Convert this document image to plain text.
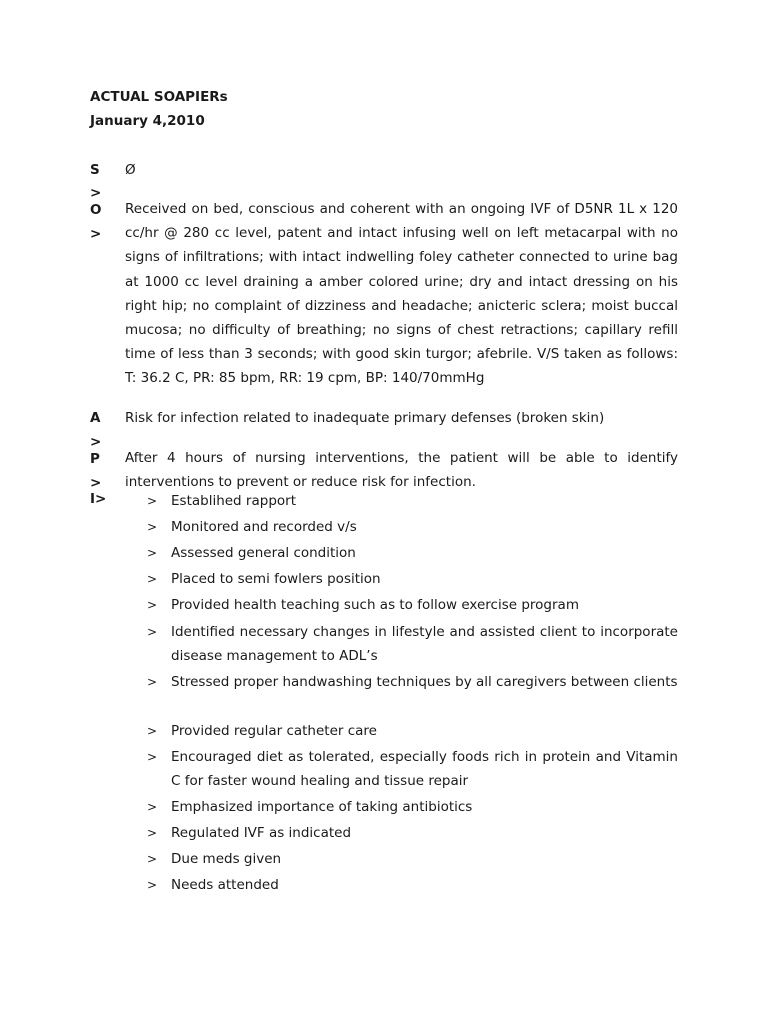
ACTUAL SOAPIERs
January 4,2010
S
>
Ø
O
>
Received on bed, conscious and coherent with an ongoing IVF of D5NR 1L x 120 cc/hr @ 280 cc level, patent and intact infusing well on left metacarpal with no signs of infiltrations; with intact indwelling foley catheter connected to urine bag at 1000 cc level draining a amber colored urine; dry and intact dressing on his right hip; no complaint of dizziness and headache; anicteric sclera; moist buccal mucosa; no difficulty of breathing; no signs of chest retractions; capillary refill time of less than 3 seconds; with good skin turgor; afebrile. V/S taken as follows: T: 36.2 C, PR: 85 bpm, RR: 19 cpm, BP: 140/70mmHg
A
>
Risk for infection related to inadequate primary defenses (broken skin)
P
>
After 4 hours of nursing interventions, the patient will be able to identify interventions to prevent or reduce risk for infection.
I>	>	Establihed rapport
>	Monitored and recorded v/s
>	Assessed general condition
>	Placed to semi fowlers position
>	Provided health teaching such as to follow exercise program
>	Identified necessary changes in lifestyle and assisted client to incorporate disease management to ADL’s
>	Stressed proper handwashing techniques by all caregivers between clients
>	Provided regular catheter care
>	Encouraged diet as tolerated, especially foods rich in protein and Vitamin C for faster wound healing and tissue repair
>	Emphasized importance of taking antibiotics
>	Regulated IVF as indicated
>	Due meds given
>	Needs attended
